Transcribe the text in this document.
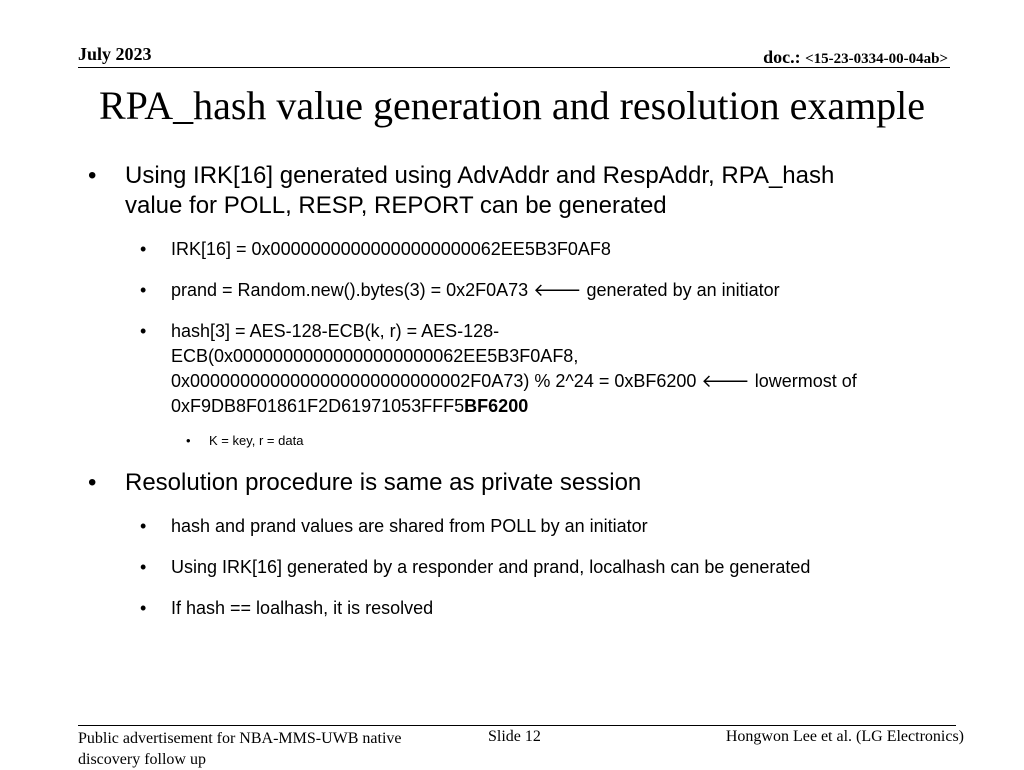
July 2023	doc.: <15-23-0334-00-04ab>
RPA_hash value generation and resolution example
• Using IRK[16] generated using AdvAddr and RespAddr, RPA_hash
value for POLL, RESP, REPORT can be generated
• IRK[16] = 0x00000000000000000000062EE5B3F0AF8
• prand = Random.new().bytes(3) = 0x2F0A73 🡐 generated by an initiator
• hash[3] = AES-128-ECB(k, r) = AES-128-
ECB(0x00000000000000000000062EE5B3F0AF8,
0x0000000000000000000000000002F0A73) % 2^24 = 0xBF6200 🡐 lowermost of
0xF9DB8F01861F2D61971053FFF5BF6200
• K = key, r = data
• Resolution procedure is same as private session
• hash and prand values are shared from POLL by an initiator
• Using IRK[16] generated by a responder and prand, localhash can be generated
• If hash == loalhash, it is resolved
Public advertisement for NBA-MMS-UWB native discovery follow up
Slide 12	Hongwon Lee et al. (LG Electronics)
